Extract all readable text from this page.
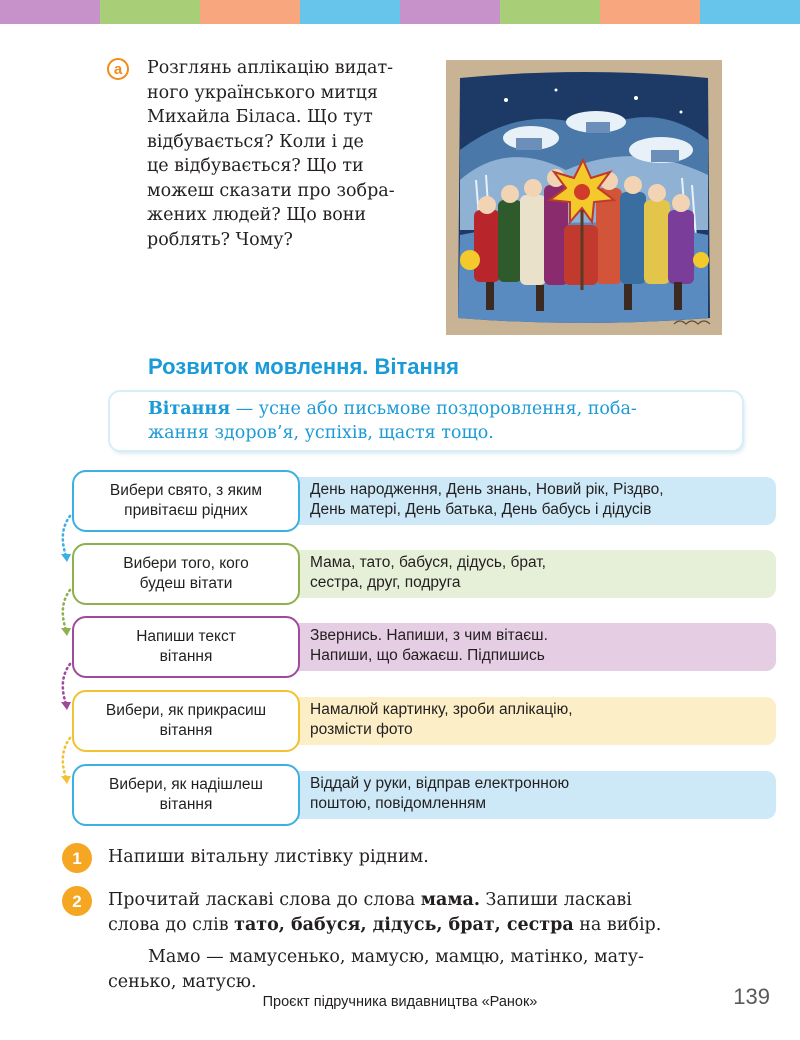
а	Розглянь аплікацію видат-
ного українського митця
Михайла Біласа. Що тут
відбувається? Коли і де
це відбувається? Що ти
можеш сказати про зобра-
жених людей? Що вони
роблять? Чому?
Розвиток мовлення. Вітання
Вітання — усне або письмове поздоровлення, поба-
жання здоров’я, успіхів, щастя тощо.
Вибери свято, з яким
привітаєш рідних
День народження, День знань, Новий рік, Різдво,
День матері, День батька, День бабусь і дідусів
Вибери того, кого
будеш вітати
Мама, тато, бабуся, дідусь, брат,
сестра, друг, подруга
Напиши текст
вітання
Звернись. Напиши, з чим вітаєш.
Напиши, що бажаєш. Підпишись
Вибери, як прикрасиш
вітання
Намалюй картинку, зроби аплікацію,
розмісти фото
Вибери, як надішлеш
вітання
Віддай у руки, відправ електронною
поштою, повідомленням
1	Напиши вітальну листівку рідним.
2	Прочитай ласкаві слова до слова мама. Запиши ласкаві
слова до слів тато, бабуся, дідусь, брат, сестра на вибір.
Мамо — мамусенько, мамусю, мамцю, матінко, мату-
сенько, матусю.
Проєкт підручника видавництва «Ранок»	139
